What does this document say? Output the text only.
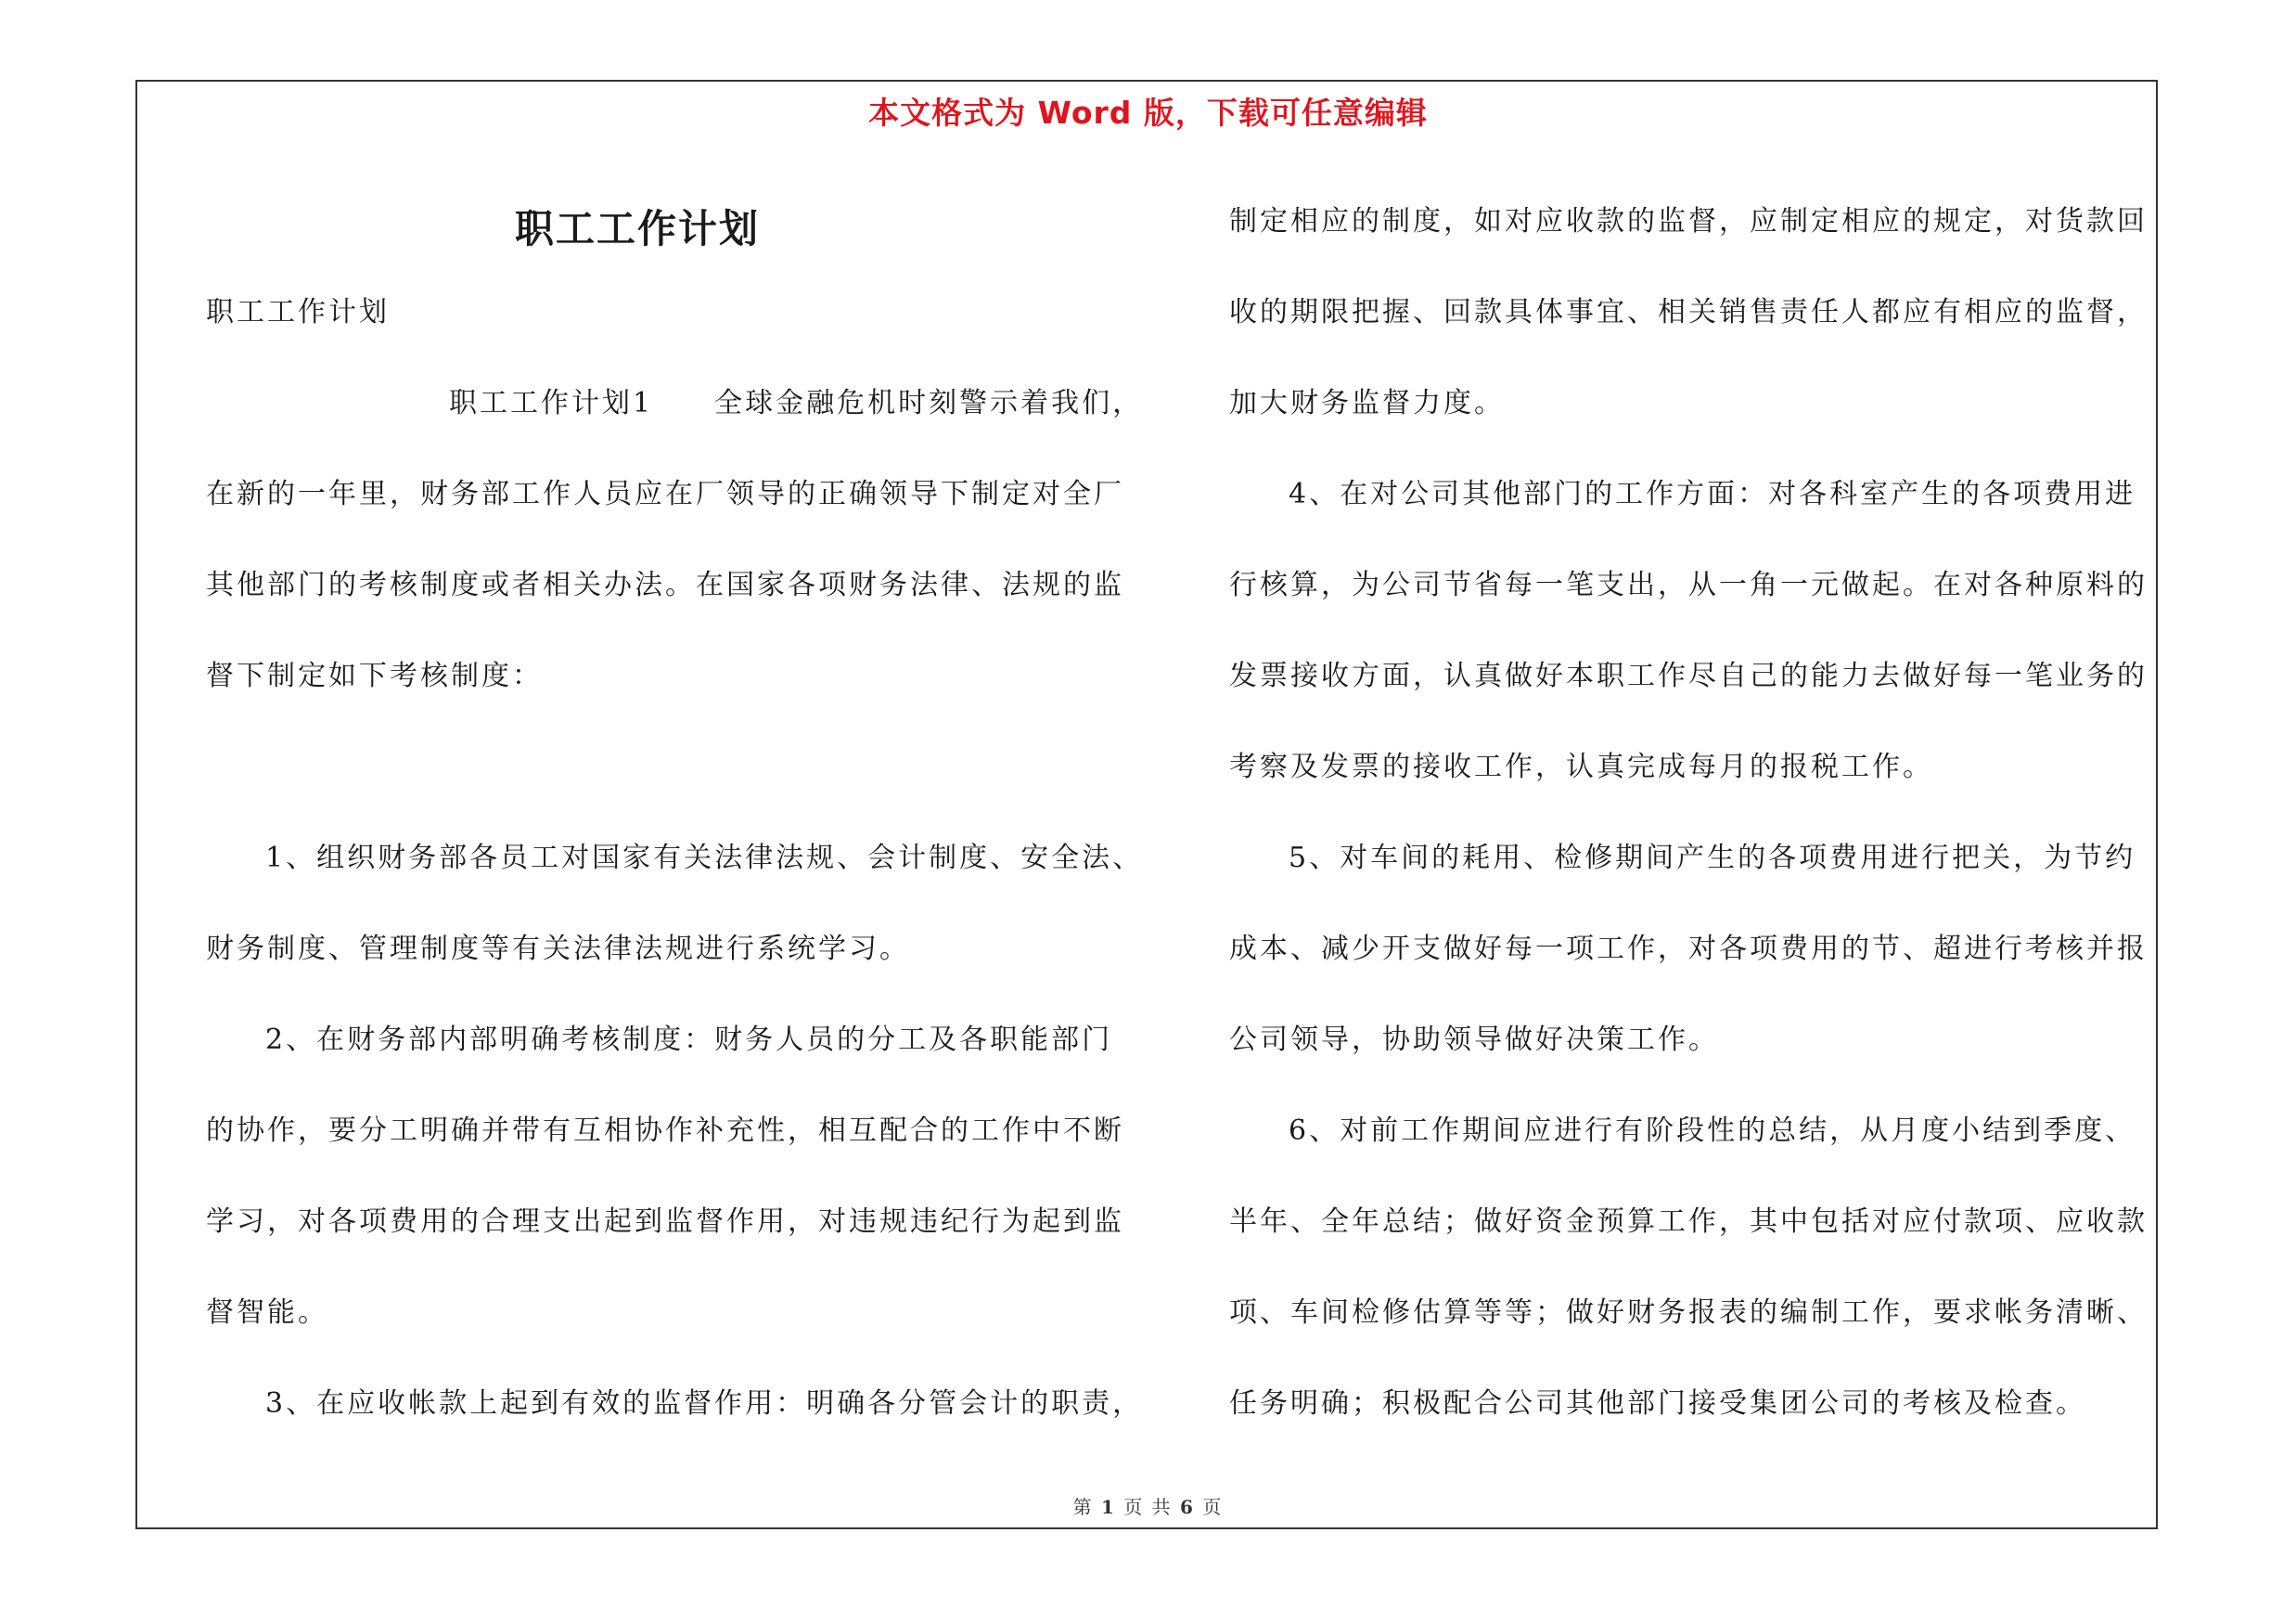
本文格式为 Word 版，下载可任意编辑
职工工作计划
职工工作计划
职工工作计划1　　全球金融危机时刻警示着我们，
在新的一年里，财务部工作人员应在厂领导的正确领导下制定对全厂
其他部门的考核制度或者相关办法。在国家各项财务法律、法规的监
督下制定如下考核制度：
1、组织财务部各员工对国家有关法律法规、会计制度、安全法、
财务制度、管理制度等有关法律法规进行系统学习。
2、在财务部内部明确考核制度：财务人员的分工及各职能部门
的协作，要分工明确并带有互相协作补充性，相互配合的工作中不断
学习，对各项费用的合理支出起到监督作用，对违规违纪行为起到监
督智能。
3、在应收帐款上起到有效的监督作用：明确各分管会计的职责，
制定相应的制度，如对应收款的监督，应制定相应的规定，对货款回
收的期限把握、回款具体事宜、相关销售责任人都应有相应的监督，
加大财务监督力度。
4、在对公司其他部门的工作方面：对各科室产生的各项费用进
行核算，为公司节省每一笔支出，从一角一元做起。在对各种原料的
发票接收方面，认真做好本职工作尽自己的能力去做好每一笔业务的
考察及发票的接收工作，认真完成每月的报税工作。
5、对车间的耗用、检修期间产生的各项费用进行把关，为节约
成本、减少开支做好每一项工作，对各项费用的节、超进行考核并报
公司领导，协助领导做好决策工作。
6、对前工作期间应进行有阶段性的总结，从月度小结到季度、
半年、全年总结；做好资金预算工作，其中包括对应付款项、应收款
项、车间检修估算等等；做好财务报表的编制工作，要求帐务清晰、
任务明确；积极配合公司其他部门接受集团公司的考核及检查。
第 1 页 共 6 页
